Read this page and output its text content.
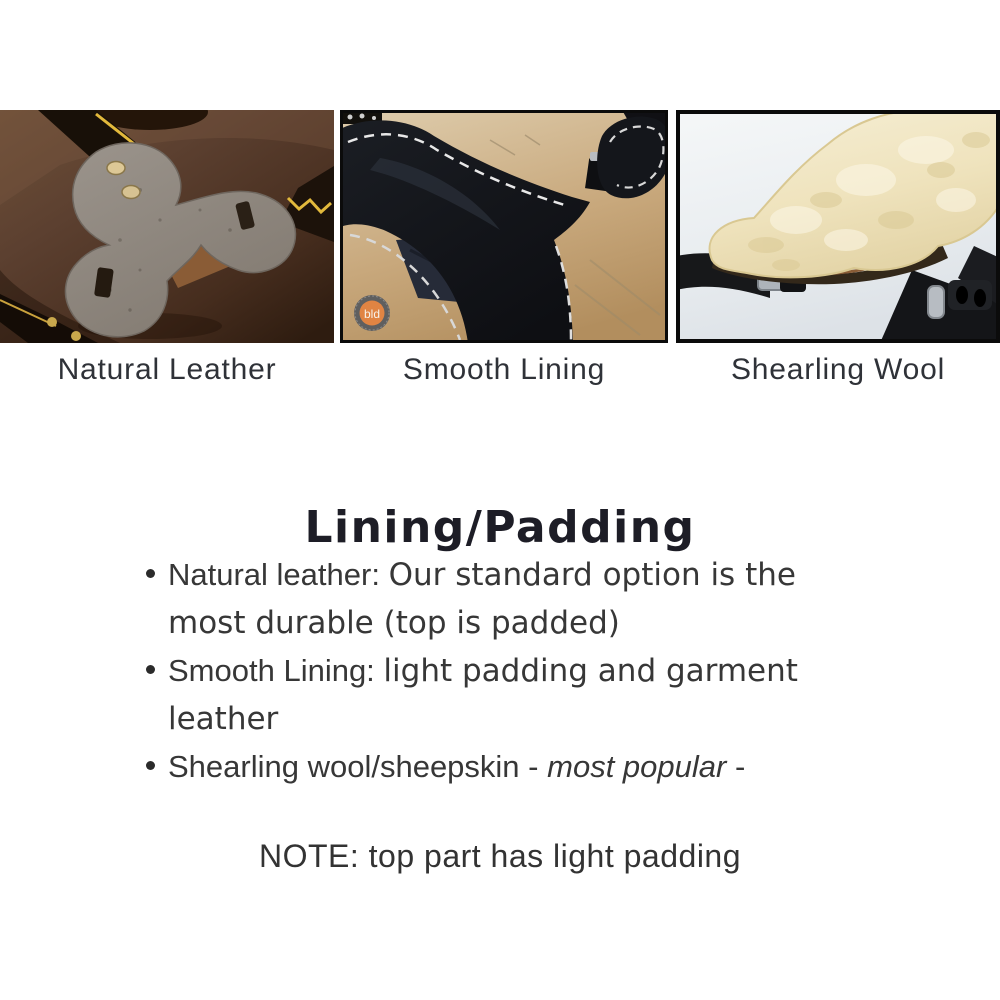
bld
Natural Leather	Smooth Lining	Shearling Wool
Lining/Padding
Natural leather: Our standard option is the most durable (top is padded)
Smooth Lining: light padding and garment leather
Shearling wool/sheepskin - most popular -
NOTE: top part has light padding
